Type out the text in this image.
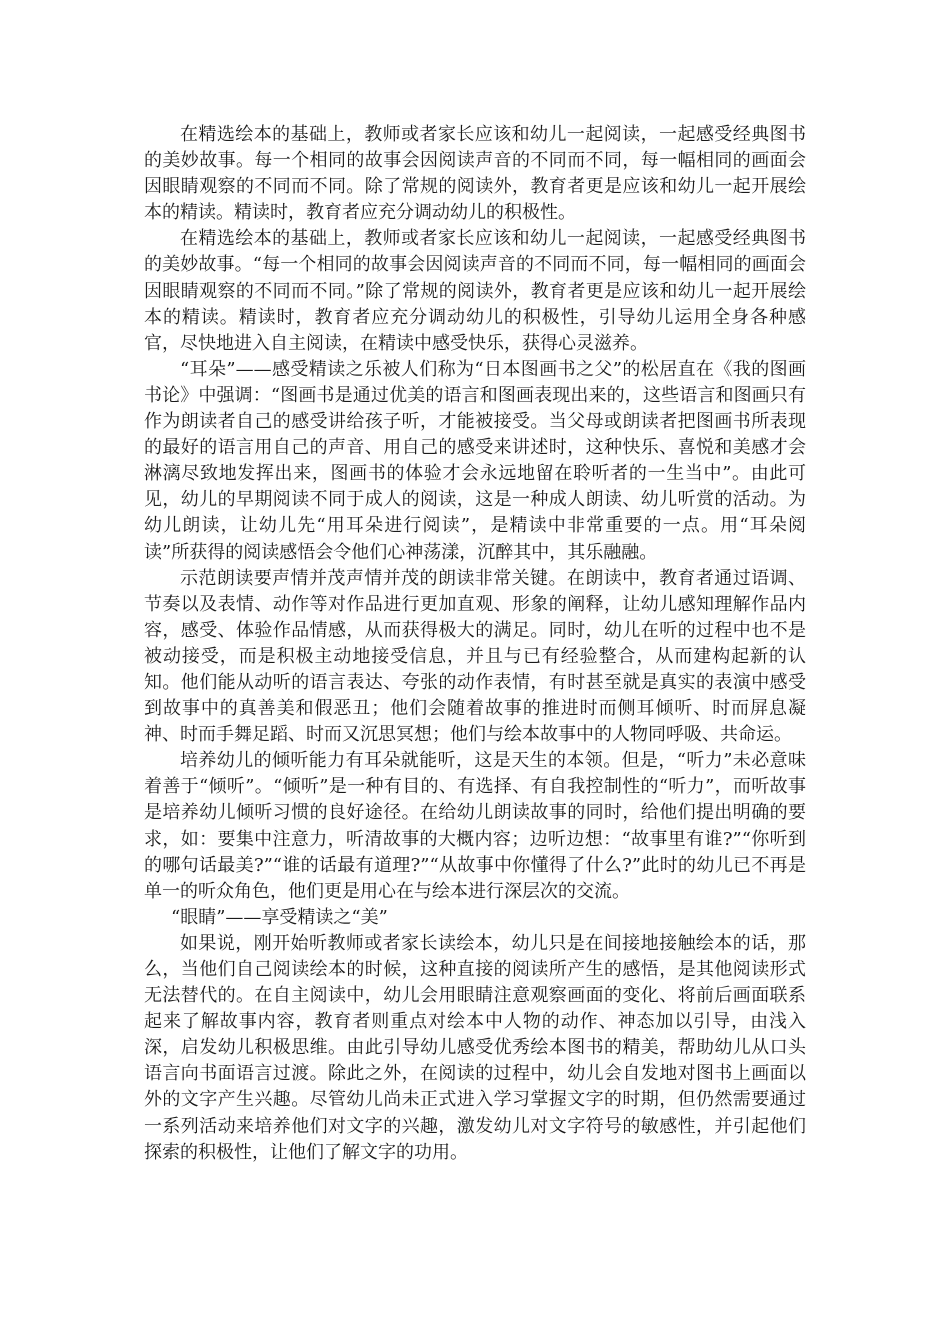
在精选绘本的基础上，教师或者家长应该和幼儿一起阅读，一起感受经典图书的美妙故事。每一个相同的故事会因阅读声音的不同而不同，每一幅相同的画面会因眼睛观察的不同而不同。除了常规的阅读外，教育者更是应该和幼儿一起开展绘本的精读。精读时，教育者应充分调动幼儿的积极性。

在精选绘本的基础上，教师或者家长应该和幼儿一起阅读，一起感受经典图书的美妙故事。“每一个相同的故事会因阅读声音的不同而不同，每一幅相同的画面会因眼睛观察的不同而不同。”除了常规的阅读外，教育者更是应该和幼儿一起开展绘本的精读。精读时，教育者应充分调动幼儿的积极性，引导幼儿运用全身各种感官，尽快地进入自主阅读，在精读中感受快乐，获得心灵滋养。

“耳朵”——感受精读之乐被人们称为“日本图画书之父”的松居直在《我的图画书论》中强调：“图画书是通过优美的语言和图画表现出来的，这些语言和图画只有作为朗读者自己的感受讲给孩子听，才能被接受。当父母或朗读者把图画书所表现的最好的语言用自己的声音、用自己的感受来讲述时，这种快乐、喜悦和美感才会淋漓尽致地发挥出来，图画书的体验才会永远地留在聆听者的一生当中”。由此可见，幼儿的早期阅读不同于成人的阅读，这是一种成人朗读、幼儿听赏的活动。为幼儿朗读，让幼儿先“用耳朵进行阅读”，是精读中非常重要的一点。用“耳朵阅读”所获得的阅读感悟会令他们心神荡漾，沉醉其中，其乐融融。

示范朗读要声情并茂声情并茂的朗读非常关键。在朗读中，教育者通过语调、节奏以及表情、动作等对作品进行更加直观、形象的阐释，让幼儿感知理解作品内容，感受、体验作品情感，从而获得极大的满足。同时，幼儿在听的过程中也不是被动接受，而是积极主动地接受信息，并且与已有经验整合，从而建构起新的认知。他们能从动听的语言表达、夸张的动作表情，有时甚至就是真实的表演中感受到故事中的真善美和假恶丑；他们会随着故事的推进时而侧耳倾听、时而屏息凝神、时而手舞足蹈、时而又沉思冥想；他们与绘本故事中的人物同呼吸、共命运。

培养幼儿的倾听能力有耳朵就能听，这是天生的本领。但是，“听力”未必意味着善于“倾听”。“倾听”是一种有目的、有选择、有自我控制性的“听力”，而听故事是培养幼儿倾听习惯的良好途径。在给幼儿朗读故事的同时，给他们提出明确的要求，如：要集中注意力，听清故事的大概内容；边听边想：“故事里有谁?”“你听到的哪句话最美?”“谁的话最有道理?”“从故事中你懂得了什么?”此时的幼儿已不再是单一的听众角色，他们更是用心在与绘本进行深层次的交流。

“眼睛”——享受精读之“美”

如果说，刚开始听教师或者家长读绘本，幼儿只是在间接地接触绘本的话，那么，当他们自己阅读绘本的时候，这种直接的阅读所产生的感悟，是其他阅读形式无法替代的。在自主阅读中，幼儿会用眼睛注意观察画面的变化、将前后画面联系起来了解故事内容，教育者则重点对绘本中人物的动作、神态加以引导，由浅入深，启发幼儿积极思维。由此引导幼儿感受优秀绘本图书的精美，帮助幼儿从口头语言向书面语言过渡。除此之外，在阅读的过程中，幼儿会自发地对图书上画面以外的文字产生兴趣。尽管幼儿尚未正式进入学习掌握文字的时期，但仍然需要通过一系列活动来培养他们对文字的兴趣，激发幼儿对文字符号的敏感性，并引起他们探索的积极性，让他们了解文字的功用。
